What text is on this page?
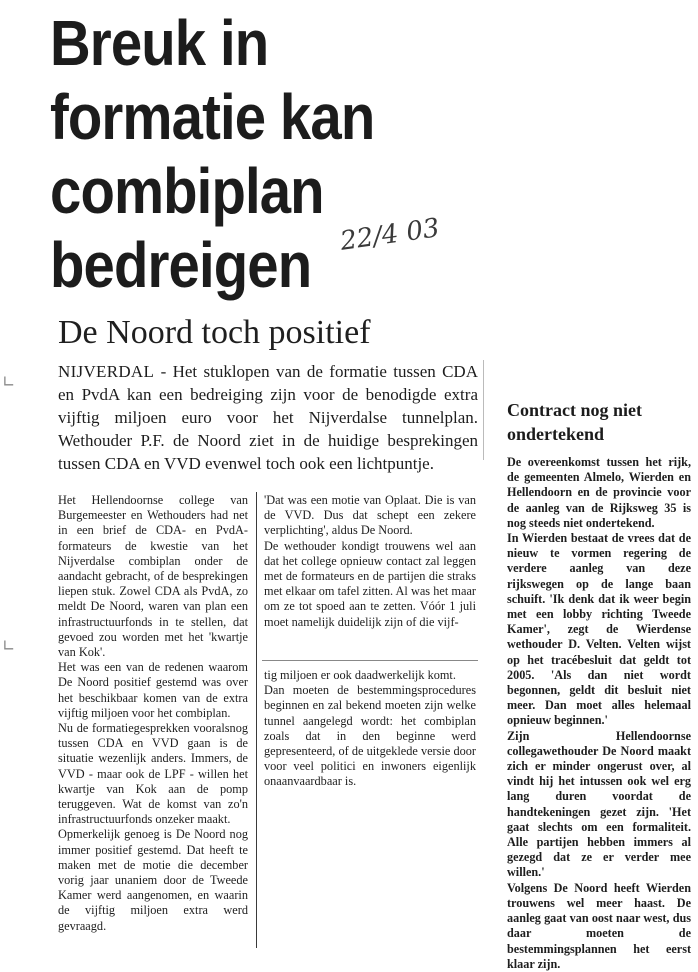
Breuk in
formatie kan
combiplan
bedreigen	22/4 03
De Noord toch positief
NIJVERDAL - Het stuklopen van de formatie tussen CDA en PvdA kan een bedreiging zijn voor de benodigde extra vijftig miljoen euro voor het Nijverdalse tunnelplan. Wethouder P.F. de Noord ziet in de huidige besprekingen tussen CDA en VVD evenwel toch ook een lichtpuntje.

Het Hellendoornse college van Burgemeester en Wethouders had net in een brief de CDA- en PvdA-formateurs de kwestie van het Nijverdalse combiplan onder de aandacht gebracht, of de besprekingen liepen stuk. Zowel CDA als PvdA, zo meldt De Noord, waren van plan een infrastructuurfonds in te stellen, dat gevoed zou worden met het 'kwartje van Kok'.

Het was een van de redenen waarom De Noord positief gestemd was over het beschikbaar komen van de extra vijftig miljoen voor het combiplan.

Nu de formatiegesprekken vooralsnog tussen CDA en VVD gaan is de situatie wezenlijk anders. Immers, de VVD - maar ook de LPF - willen het kwartje van Kok aan de pomp teruggeven. Wat de komst van zo'n infrastructuurfonds onzeker maakt.

Opmerkelijk genoeg is De Noord nog immer positief gestemd. Dat heeft te maken met de motie die december vorig jaar unaniem door de Tweede Kamer werd aangenomen, en waarin de vijftig miljoen extra werd gevraagd.

'Dat was een motie van Oplaat. Die is van de VVD. Dus dat schept een zekere verplichting', aldus De Noord.

De wethouder kondigt trouwens wel aan dat het college opnieuw contact zal leggen met de formateurs en de partijen die straks met elkaar om tafel zitten. Al was het maar om ze tot spoed aan te zetten. Vóór 1 juli moet namelijk duidelijk zijn of die vijf-

tig miljoen er ook daadwerkelijk komt.

Dan moeten de bestemmingsprocedures beginnen en zal bekend moeten zijn welke tunnel aangelegd wordt: het combiplan zoals dat in den beginne werd gepresenteerd, of de uitgeklede versie door voor veel politici en inwoners eigenlijk onaanvaardbaar is.

Contract nog niet ondertekend

De overeenkomst tussen het rijk, de gemeenten Almelo, Wierden en Hellendoorn en de provincie voor de aanleg van de Rijksweg 35 is nog steeds niet ondertekend.

In Wierden bestaat de vrees dat de nieuw te vormen regering de verdere aanleg van deze rijkswegen op de lange baan schuift. 'Ik denk dat ik weer begin met een lobby richting Tweede Kamer', zegt de Wierdense wethouder D. Velten. Velten wijst op het tracébesluit dat geldt tot 2005. 'Als dan niet wordt begonnen, geldt dit besluit niet meer. Dan moet alles helemaal opnieuw beginnen.'

Zijn Hellendoornse collegawethouder De Noord maakt zich er minder ongerust over, al vindt hij het intussen ook wel erg lang duren voordat de handtekeningen gezet zijn. 'Het gaat slechts om een formaliteit. Alle partijen hebben immers al gezegd dat ze er verder mee willen.'

Volgens De Noord heeft Wierden trouwens wel meer haast. De aanleg gaat van oost naar west, dus daar moeten de bestemmingsplannen het eerst klaar zijn.

∟
∟
